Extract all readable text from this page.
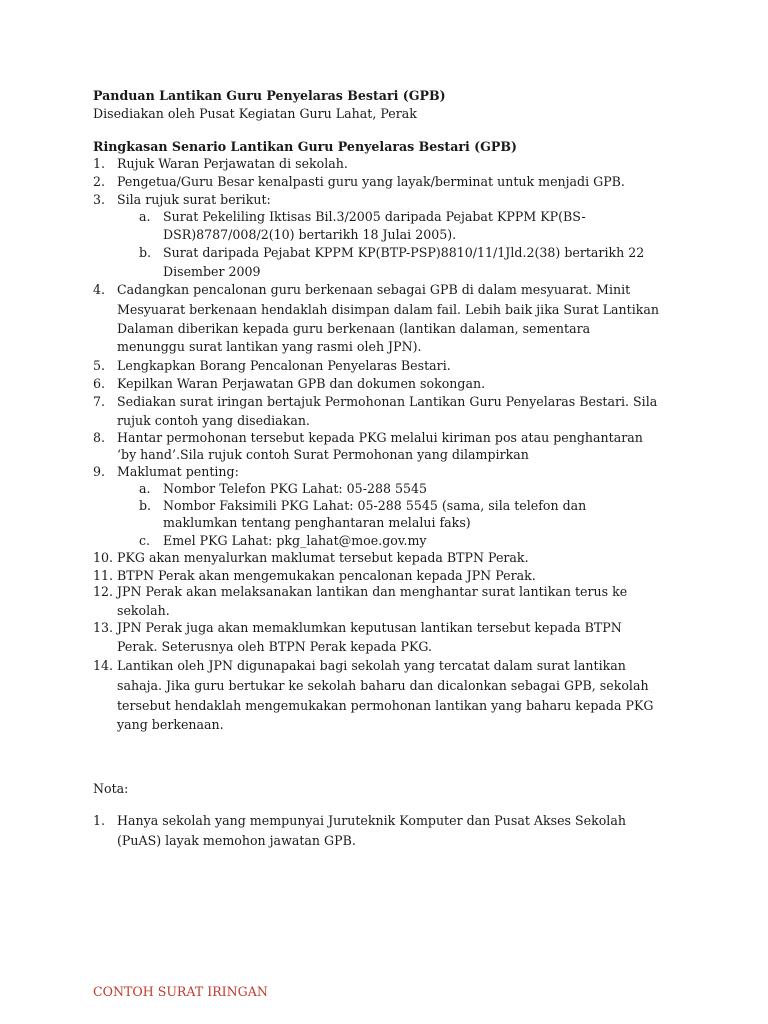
Panduan Lantikan Guru Penyelaras Bestari (GPB)
Disediakan oleh Pusat Kegiatan Guru Lahat, Perak
Ringkasan Senario Lantikan Guru Penyelaras Bestari (GPB)
1. Rujuk Waran Perjawatan di sekolah.
2. Pengetua/Guru Besar kenalpasti guru yang layak/berminat untuk menjadi GPB.
3. Sila rujuk surat berikut:
a. Surat Pekeliling Iktisas Bil.3/2005 daripada Pejabat KPPM KP(BS-
DSR)8787/008/2(10) bertarikh 18 Julai 2005).
b. Surat daripada Pejabat KPPM KP(BTP-PSP)8810/11/1Jld.2(38) bertarikh 22
Disember 2009
4. Cadangkan pencalonan guru berkenaan sebagai GPB di dalam mesyuarat. Minit
Mesyuarat berkenaan hendaklah disimpan dalam fail. Lebih baik jika Surat Lantikan
Dalaman diberikan kepada guru berkenaan (lantikan dalaman, sementara
menunggu surat lantikan yang rasmi oleh JPN).
5. Lengkapkan Borang Pencalonan Penyelaras Bestari.
6. Kepilkan Waran Perjawatan GPB dan dokumen sokongan.
7. Sediakan surat iringan bertajuk Permohonan Lantikan Guru Penyelaras Bestari. Sila
rujuk contoh yang disediakan.
8. Hantar permohonan tersebut kepada PKG melalui kiriman pos atau penghantaran
‘by hand’.Sila rujuk contoh Surat Permohonan yang dilampirkan
9. Maklumat penting:
a. Nombor Telefon PKG Lahat: 05-288 5545
b. Nombor Faksimili PKG Lahat: 05-288 5545 (sama, sila telefon dan
maklumkan tentang penghantaran melalui faks)
c. Emel PKG Lahat: pkg_lahat@moe.gov.my
10. PKG akan menyalurkan maklumat tersebut kepada BTPN Perak.
11. BTPN Perak akan mengemukakan pencalonan kepada JPN Perak.
12. JPN Perak akan melaksanakan lantikan dan menghantar surat lantikan terus ke
sekolah.
13. JPN Perak juga akan memaklumkan keputusan lantikan tersebut kepada BTPN
Perak. Seterusnya oleh BTPN Perak kepada PKG.
14. Lantikan oleh JPN digunapakai bagi sekolah yang tercatat dalam surat lantikan
sahaja. Jika guru bertukar ke sekolah baharu dan dicalonkan sebagai GPB, sekolah
tersebut hendaklah mengemukakan permohonan lantikan yang baharu kepada PKG
yang berkenaan.
Nota:
1. Hanya sekolah yang mempunyai Juruteknik Komputer dan Pusat Akses Sekolah
(PuAS) layak memohon jawatan GPB.
CONTOH SURAT IRINGAN
